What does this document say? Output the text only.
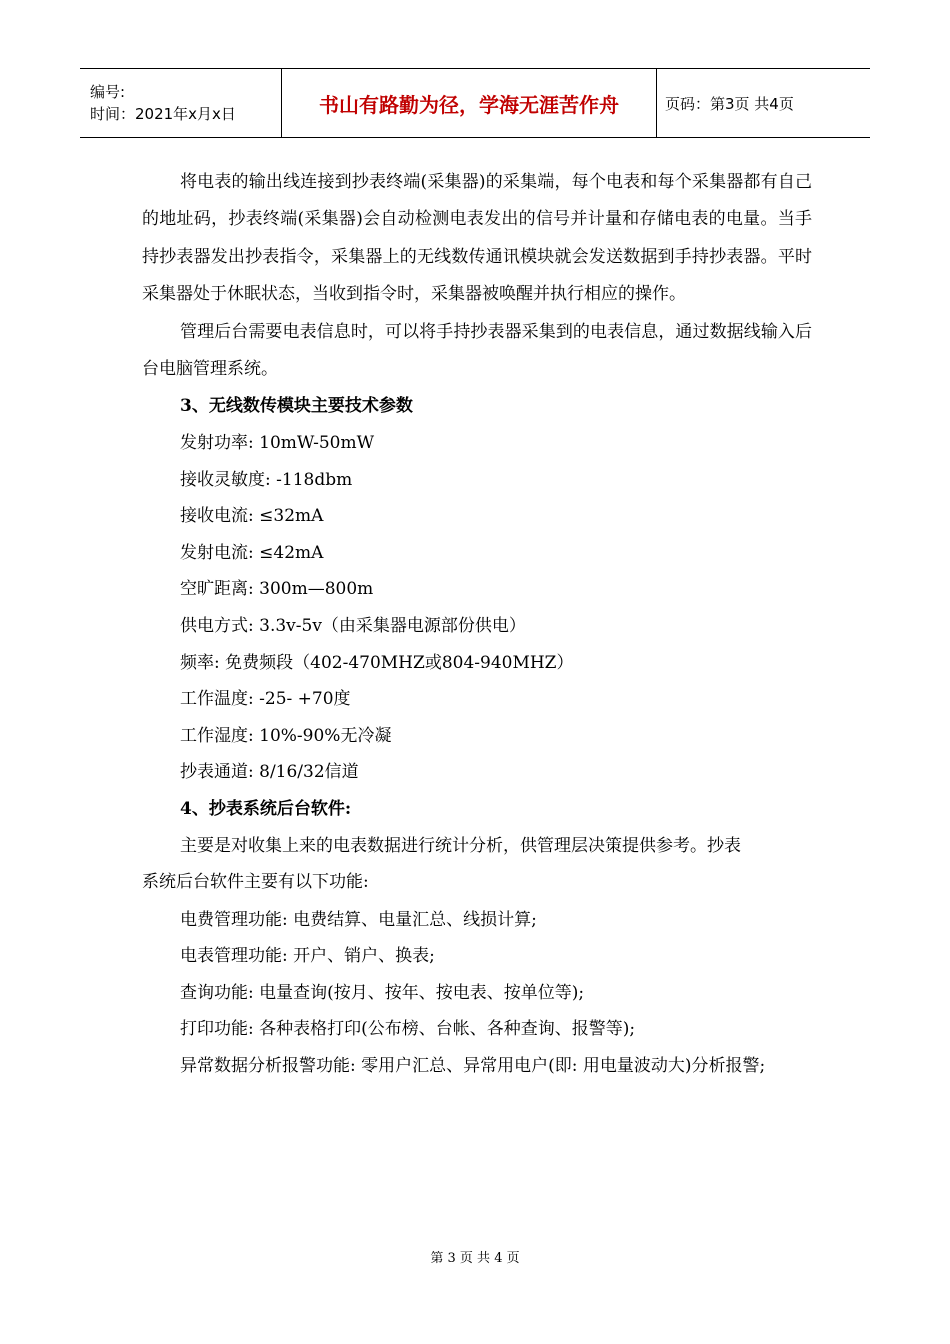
编号:
时间：2021年x月x日	书山有路勤为径，学海无涯苦作舟	页码：第3页 共4页

将电表的输出线连接到抄表终端(采集器)的采集端，每个电表和每个采集器都有自己的地址码，抄表终端(采集器)会自动检测电表发出的信号并计量和存储电表的电量。当手持抄表器发出抄表指令，采集器上的无线数传通讯模块就会发送数据到手持抄表器。平时采集器处于休眠状态，当收到指令时，采集器被唤醒并执行相应的操作。

管理后台需要电表信息时，可以将手持抄表器采集到的电表信息，通过数据线输入后台电脑管理系统。

3、无线数传模块主要技术参数

发射功率: 10mW-50mW

接收灵敏度: -118dbm

接收电流: ≤32mA

发射电流: ≤42mA

空旷距离: 300m—800m

供电方式: 3.3v-5v（由采集器电源部份供电）

频率: 免费频段（402-470MHZ或804-940MHZ）

工作温度: -25- +70度

工作湿度: 10%-90%无冷凝

抄表通道: 8/16/32信道

4、抄表系统后台软件:

主要是对收集上来的电表数据进行统计分析，供管理层决策提供参考。抄表

系统后台软件主要有以下功能:

电费管理功能: 电费结算、电量汇总、线损计算;

电表管理功能: 开户、销户、换表;

查询功能: 电量查询(按月、按年、按电表、按单位等);

打印功能: 各种表格打印(公布榜、台帐、各种查询、报警等);

异常数据分析报警功能: 零用户汇总、异常用电户(即: 用电量波动大)分析报警;

第 3 页 共 4 页
